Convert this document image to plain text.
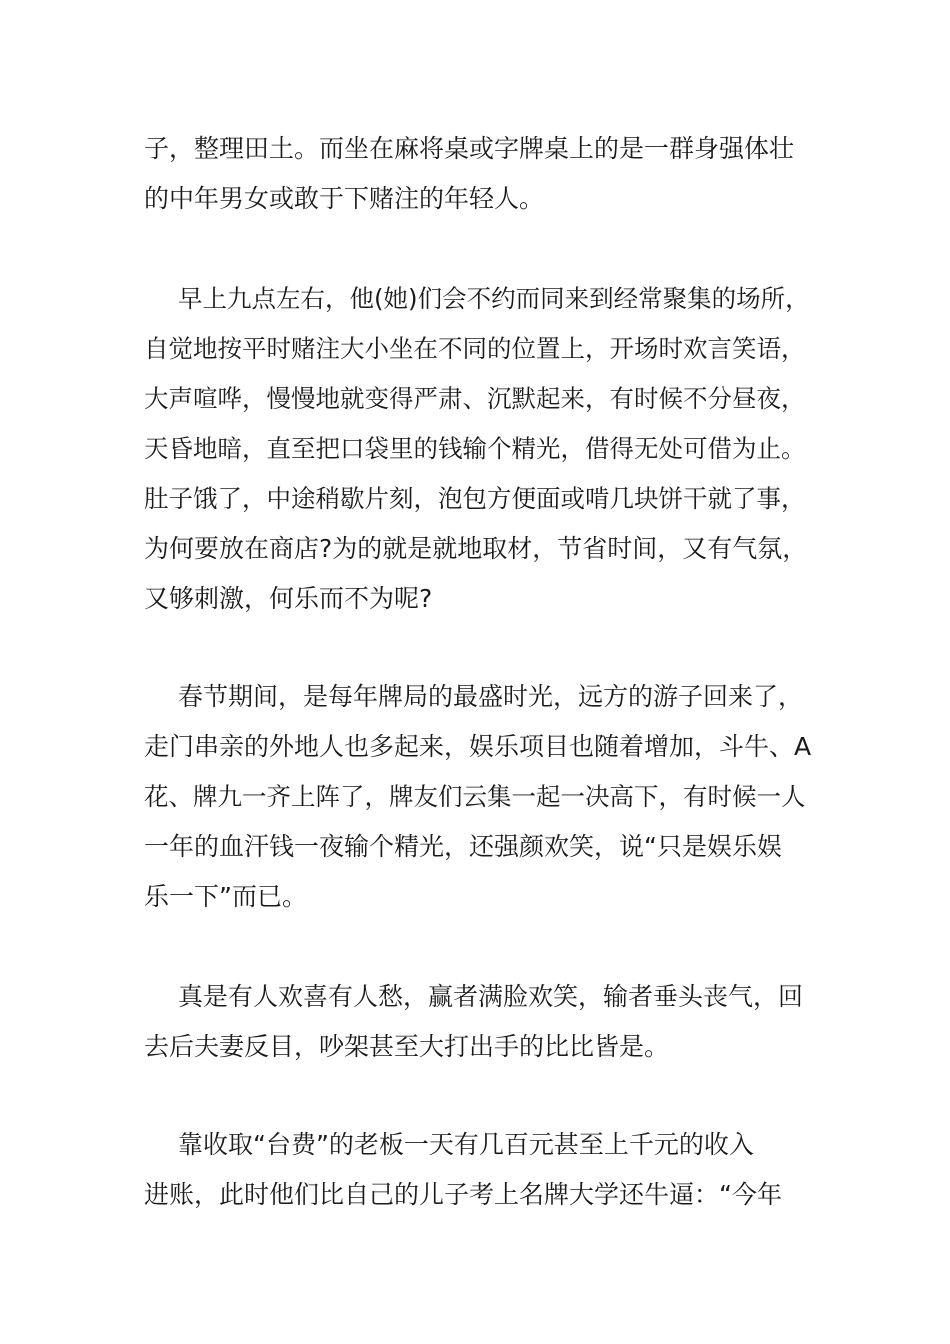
子，整理田土。而坐在麻将桌或字牌桌上的是一群身强体壮
的中年男女或敢于下赌注的年轻人。
早上九点左右，他(她)们会不约而同来到经常聚集的场所，
自觉地按平时赌注大小坐在不同的位置上，开场时欢言笑语，
大声喧哗，慢慢地就变得严肃、沉默起来，有时候不分昼夜，
天昏地暗，直至把口袋里的钱输个精光，借得无处可借为止。
肚子饿了，中途稍歇片刻，泡包方便面或啃几块饼干就了事，
为何要放在商店?为的就是就地取材，节省时间，又有气氛，
又够刺激，何乐而不为呢?
春节期间，是每年牌局的最盛时光，远方的游子回来了，
走门串亲的外地人也多起来，娱乐项目也随着增加，斗牛、A
花、牌九一齐上阵了，牌友们云集一起一决高下，有时候一人
一年的血汗钱一夜输个精光，还强颜欢笑，说“只是娱乐娱
乐一下”而已。
真是有人欢喜有人愁，赢者满脸欢笑，输者垂头丧气，回
去后夫妻反目，吵架甚至大打出手的比比皆是。
靠收取“台费”的老板一天有几百元甚至上千元的收入
进账，此时他们比自己的儿子考上名牌大学还牛逼：“今年
